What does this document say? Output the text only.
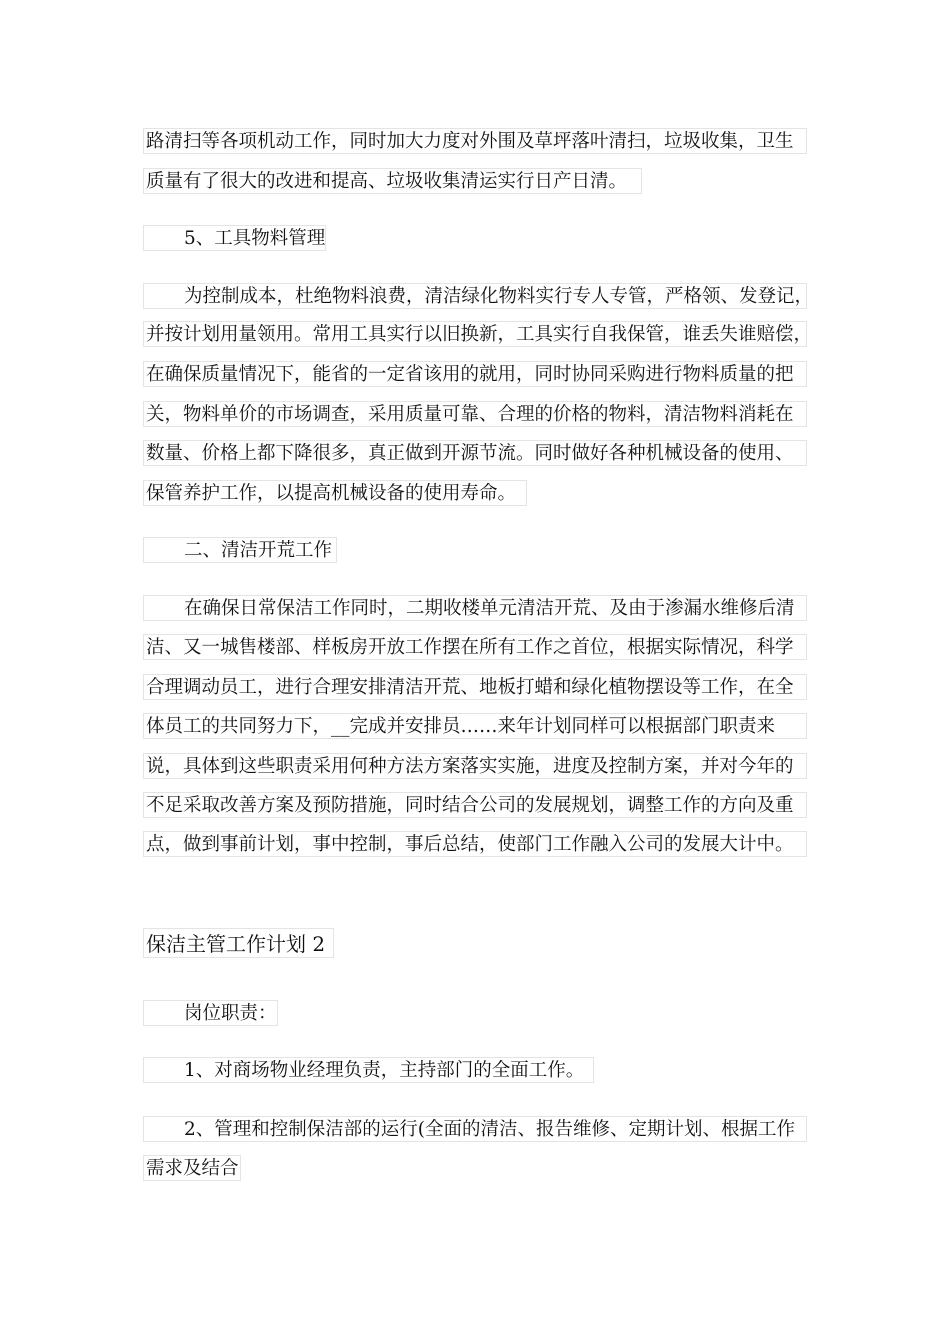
路清扫等各项机动工作，同时加大力度对外围及草坪落叶清扫，垃圾收集，卫生
质量有了很大的改进和提高、垃圾收集清运实行日产日清。
5、工具物料管理
为控制成本，杜绝物料浪费，清洁绿化物料实行专人专管，严格领、发登记，
并按计划用量领用。常用工具实行以旧换新，工具实行自我保管，谁丢失谁赔偿，
在确保质量情况下，能省的一定省该用的就用，同时协同采购进行物料质量的把
关，物料单价的市场调查，采用质量可靠、合理的价格的物料，清洁物料消耗在
数量、价格上都下降很多，真正做到开源节流。同时做好各种机械设备的使用、
保管养护工作，以提高机械设备的使用寿命。
二、清洁开荒工作
在确保日常保洁工作同时，二期收楼单元清洁开荒、及由于渗漏水维修后清
洁、又一城售楼部、样板房开放工作摆在所有工作之首位，根据实际情况，科学
合理调动员工，进行合理安排清洁开荒、地板打蜡和绿化植物摆设等工作，在全
体员工的共同努力下，__完成并安排员……来年计划同样可以根据部门职责来
说，具体到这些职责采用何种方法方案落实实施，进度及控制方案，并对今年的
不足采取改善方案及预防措施，同时结合公司的发展规划，调整工作的方向及重
点，做到事前计划，事中控制，事后总结，使部门工作融入公司的发展大计中。
保洁主管工作计划 2
岗位职责：
1、对商场物业经理负责，主持部门的全面工作。
2、管理和控制保洁部的运行(全面的清洁、报告维修、定期计划、根据工作
需求及结合
